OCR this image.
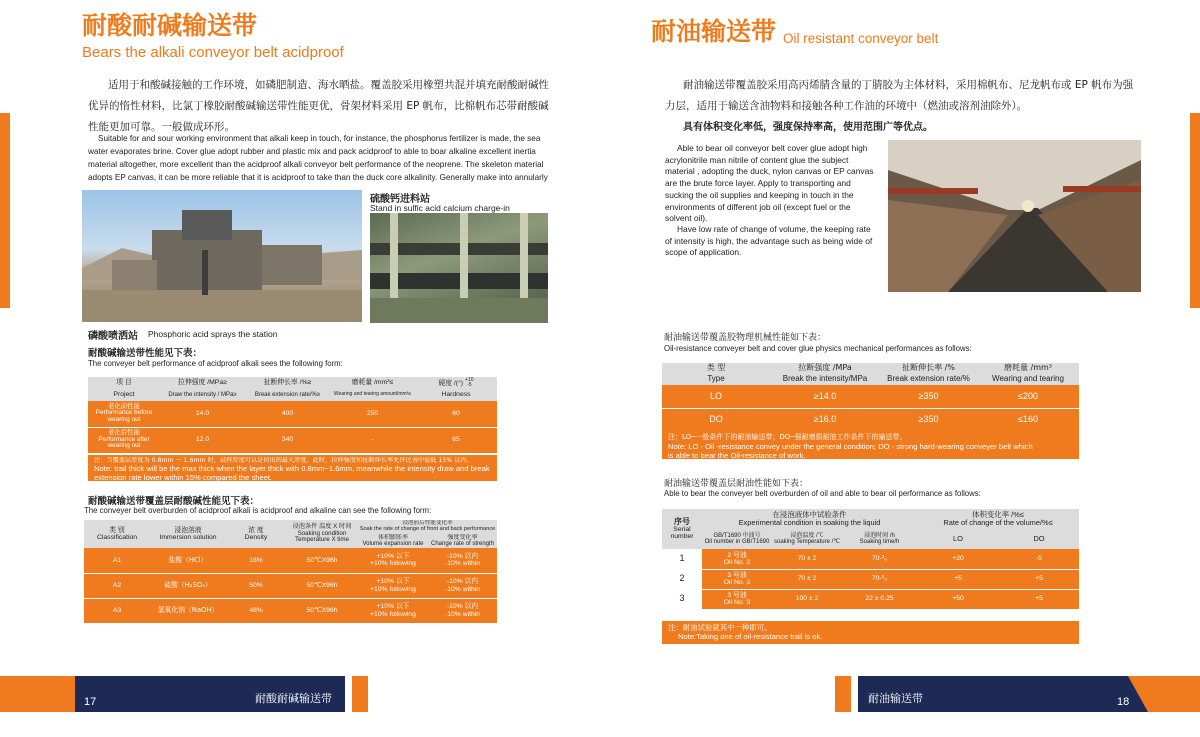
耐酸耐碱输送带
Bears the alkali conveyor belt acidproof
适用于和酸碱接触的工作环境，如磷肥制造、海水晒盐。覆盖胶采用橡塑共混并填充耐酸耐碱性优异的惰性材料，比氯丁橡胶耐酸碱输送带性能更优，骨架材料采用 EP 帆布，比棉帆布芯带耐酸碱性能更加可靠。一般做成环形。
Suitable for and sour working environment that alkali keep in touch, for instance, the phosphorus fertilizer is made, the sea water evaporates brine. Cover glue adopt rubber and plastic mix and pack acidproof to able to boar alkaline excellent inertia material altogether, more excellent than the acidproof alkali conveyor belt performance of the neoprene. The skeleton material adopts EP canvas, it can be more reliable that it is acidproof to take than the duck core alkalinity. Generally make into annularly
硫酸钙进料站
Stand in sulfic acid calcium charge-in
磷酸喷洒站 Phosphoric acid sprays the station
耐酸碱输送带性能见下表：
The conveyer belt performance of acidproof alkali sees the following form:
项 目	拉伸强度 /MPa≥	扯断伸长率 /%≥	磨耗量 /mm³≤	硬度 /(°) +10
-5
Project	Draw the intensity / MPa≥	Break extension rate/%≥	Wearing and tearing amount/mm³≤	Hardness
老化前性能
Performance before wearing out	14.0	400	250	60
老化后性能
Performance after wearing out	12.0	340	-	65
注：当覆盖层厚度为 0.8mm ～ 1.6mm 时，试样厚度可以是切出的最大厚度，此时，拉伸强度和扯断伸长率允许比表中值低 15% 以内。
Note: trail thick will be the max thick when the layer thick with 0.8mm~1.6mm, meanwhile the intensity draw and break extension rate lower within 15% compared the sheet.
耐酸碱输送带覆盖层耐酸碱性能见下表：
The conveyer belt overburden of acidproof alkali is acidproof and alkaline can see the following form:
类 别
Classification	浸泡溶液
Immersion solution	浓 度
Density	浸泡条件 温度 X 时间
Soaking condition Temperature X time	浸泡前后性能变化率
Soak the rate of change of front and back performance	
				体积膨胀率
Volume expansion rate	强度变化率
Change rate of strength
A1	盐酸（HCl）	18%	50℃X96h	+10% 以下
+10% following	-10% 以内
-10% within
A2	硫酸（H₂SO₄）	50%	50℃X96h	+10% 以下
+10% following	-10% 以内
-10% within
A3	氢氧化钠（NaOH）	48%	50℃X96h	+10% 以下
+10% following	-10% 以内
-10% within
17	耐酸耐碱输送带
耐油输送带 Oil resistant conveyor belt
耐油输送带覆盖胶采用高丙烯腈含量的丁腈胶为主体材料，采用棉帆布、尼龙帆布或 EP 帆布为强力层，适用于输送含油物料和接触各种工作油的环境中（燃油或溶剂油除外）。
具有体积变化率低，强度保持率高，使用范围广等优点。
Able to bear oil conveyor belt cover glue adopt high acrylonitrile man nitrile of content glue the subject material , adopting the duck, nylon canvas or EP canvas are the brute force layer. Apply to transporting and sucking the oil supplies and keeping in touch in the environments of different job oil (except fuel or the solvent oil).
Have low rate of change of volume, the keeping rate of intensity is high, the advantage such as being wide of scope of application.
耐油输送带覆盖胶物理机械性能如下表：
Oil-resistance conveyer belt and cover glue physics mechanical performances as follows:
类 型	拉断强度 /MPa	扯断伸长率 /%	磨耗量 /mm³
Type	Break the intensity/MPa	Break extension rate/%	Wearing and tearing
LO	≥14.0	≥350	≤200
DO	≥16.0	≥350	≤160
注：LO─一般条件下的耐油输送带；DO─强耐磨损耐油工作条件下的输送带。
Note: LO - Oil -resistance convey under the general condition; DO - strong hard-wearing conveyer belt which is able to bear the Oil-resistance of work.
耐油输送带覆盖层耐油性能如下表：
Able to bear the conveyer belt overburden of oil and able to bear oil performance as follows:
序号
Serial number	在浸泡液体中试验条件
Experimental condition in soaking the liquid			体积变化率 /%≤
Rate of change of the volume/%≤	
	GB/T1690 中油号
Oil number in GB/T1690	浸泡温度 /℃
soaking Temperature /℃	浸泡时间 /h
Soaking time/h	LO	DO
1	2 号油
Oil No. 2	70 ± 2	70-²₀	+20	-5
2	3 号油
Oil No. 3	70 ± 2	70-²₀	+5	+5
3	3 号油
Oil No. 3	100 ± 2	22 ± 0.25	+50	+5
注：耐油试验就其中一种即可。
Note:Taking one of oil-resistance trail is ok.
耐油输送带	18
